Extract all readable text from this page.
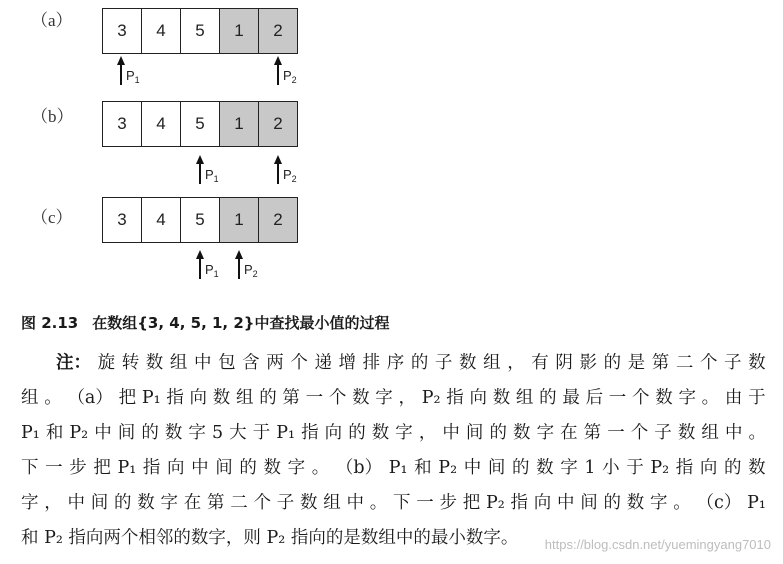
（a）
3	4	5	1	2
$P_1$	$P_2$
（b）	3	4	5	1	2
$P_1$	$P_2$
（c）	3	4	5	1	2
$P_1$ $P_2$
图 2.13 在数组{3, 4, 5, 1, 2}中查找最小值的过程
注： 旋 转 数 组 中 包 含 两 个 递 增 排 序 的 子 数 组 ， 有 阴 影 的 是 第 二 个 子 数
组 。 （a） 把 P₁ 指 向 数 组 的 第 一 个 数 字 ， P₂ 指 向 数 组 的 最 后 一 个 数 字 。 由 于
P₁ 和 P₂ 中 间 的 数 字 5 大 于 P₁ 指 向 的 数 字 ， 中 间 的 数 字 在 第 一 个 子 数 组 中 。
下 一 步 把 P₁ 指 向 中 间 的 数 字 。 （b） P₁ 和 P₂ 中 间 的 数 字 1 小 于 P₂ 指 向 的 数
字 ， 中 间 的 数 字 在 第 二 个 子 数 组 中 。 下 一 步 把 P₂ 指 向 中 间 的 数 字 。 （c） P₁
和 P₂ 指向两个相邻的数字，则 P₂ 指向的是数组中的最小数字。 https://blog.csdn.net/yuemingyang7010
